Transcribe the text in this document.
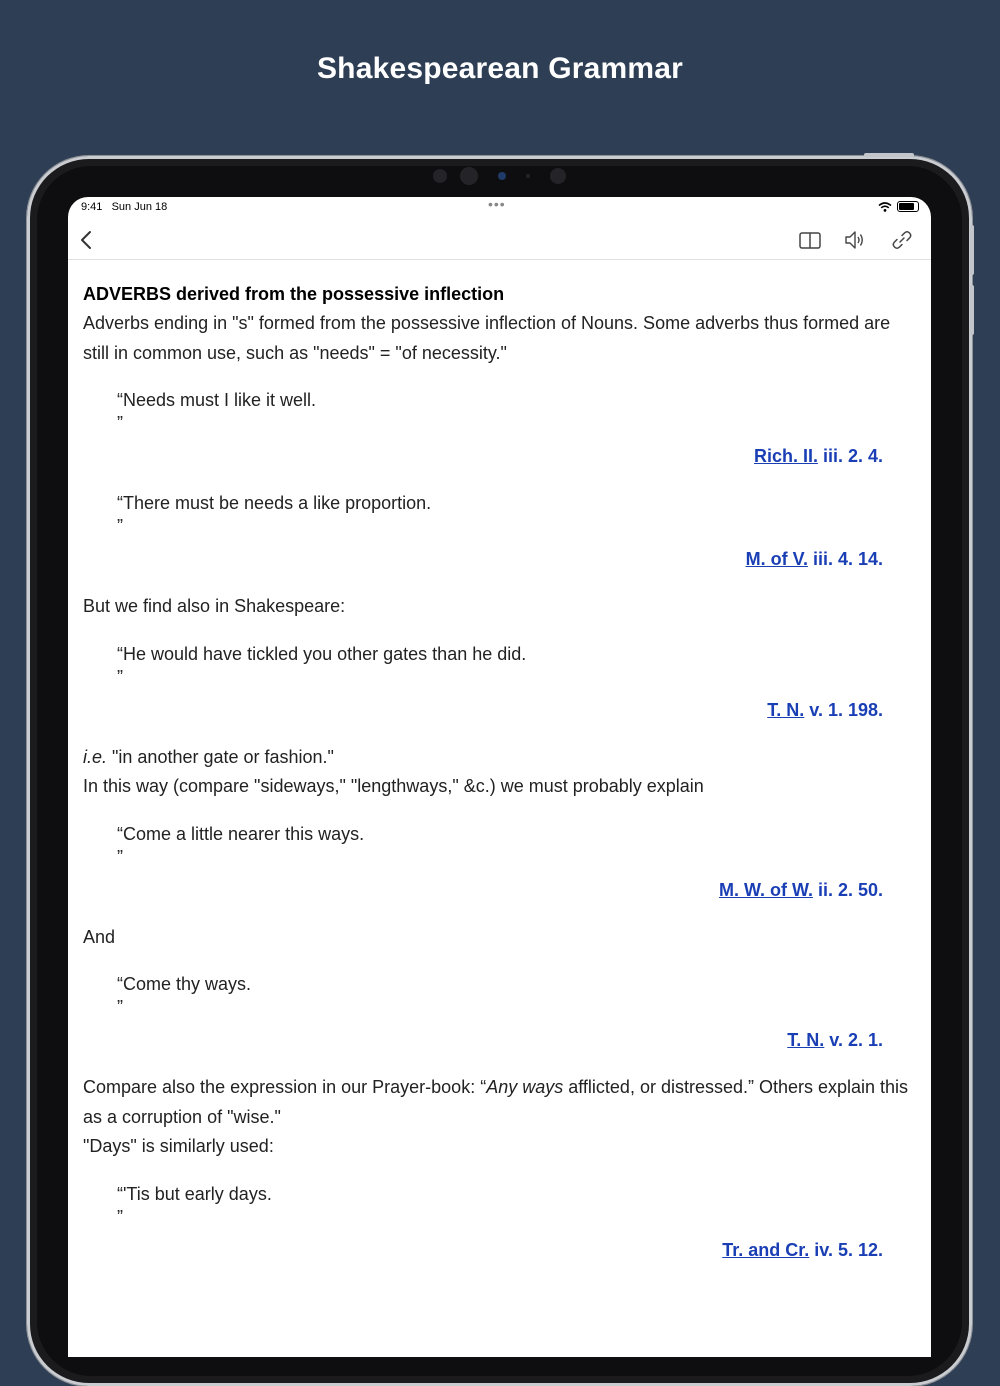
Shakespearean Grammar
9:41 Sun Jun 18	•••
ADVERBS derived from the possessive inflection

Adverbs ending in "s" formed from the possessive inflection of Nouns. Some adverbs thus formed are still in common use, such as "needs" = "of necessity."

“Needs must I like it well.
”
Rich. II. iii. 2. 4.
“There must be needs a like proportion.
”
M. of V. iii. 4. 14.

But we find also in Shakespeare:

“He would have tickled you other gates than he did.
”
T. N. v. 1. 198.

i.e. "in another gate or fashion."

In this way (compare "sideways," "lengthways," &c.) we must probably explain

“Come a little nearer this ways.
”
M. W. of W. ii. 2. 50.

And

“Come thy ways.
”
T. N. v. 2. 1.

Compare also the expression in our Prayer-book: “Any ways afflicted, or distressed.” Others explain this as a corruption of "wise."

"Days" is similarly used:

“'Tis but early days.
”
Tr. and Cr. iv. 5. 12.
